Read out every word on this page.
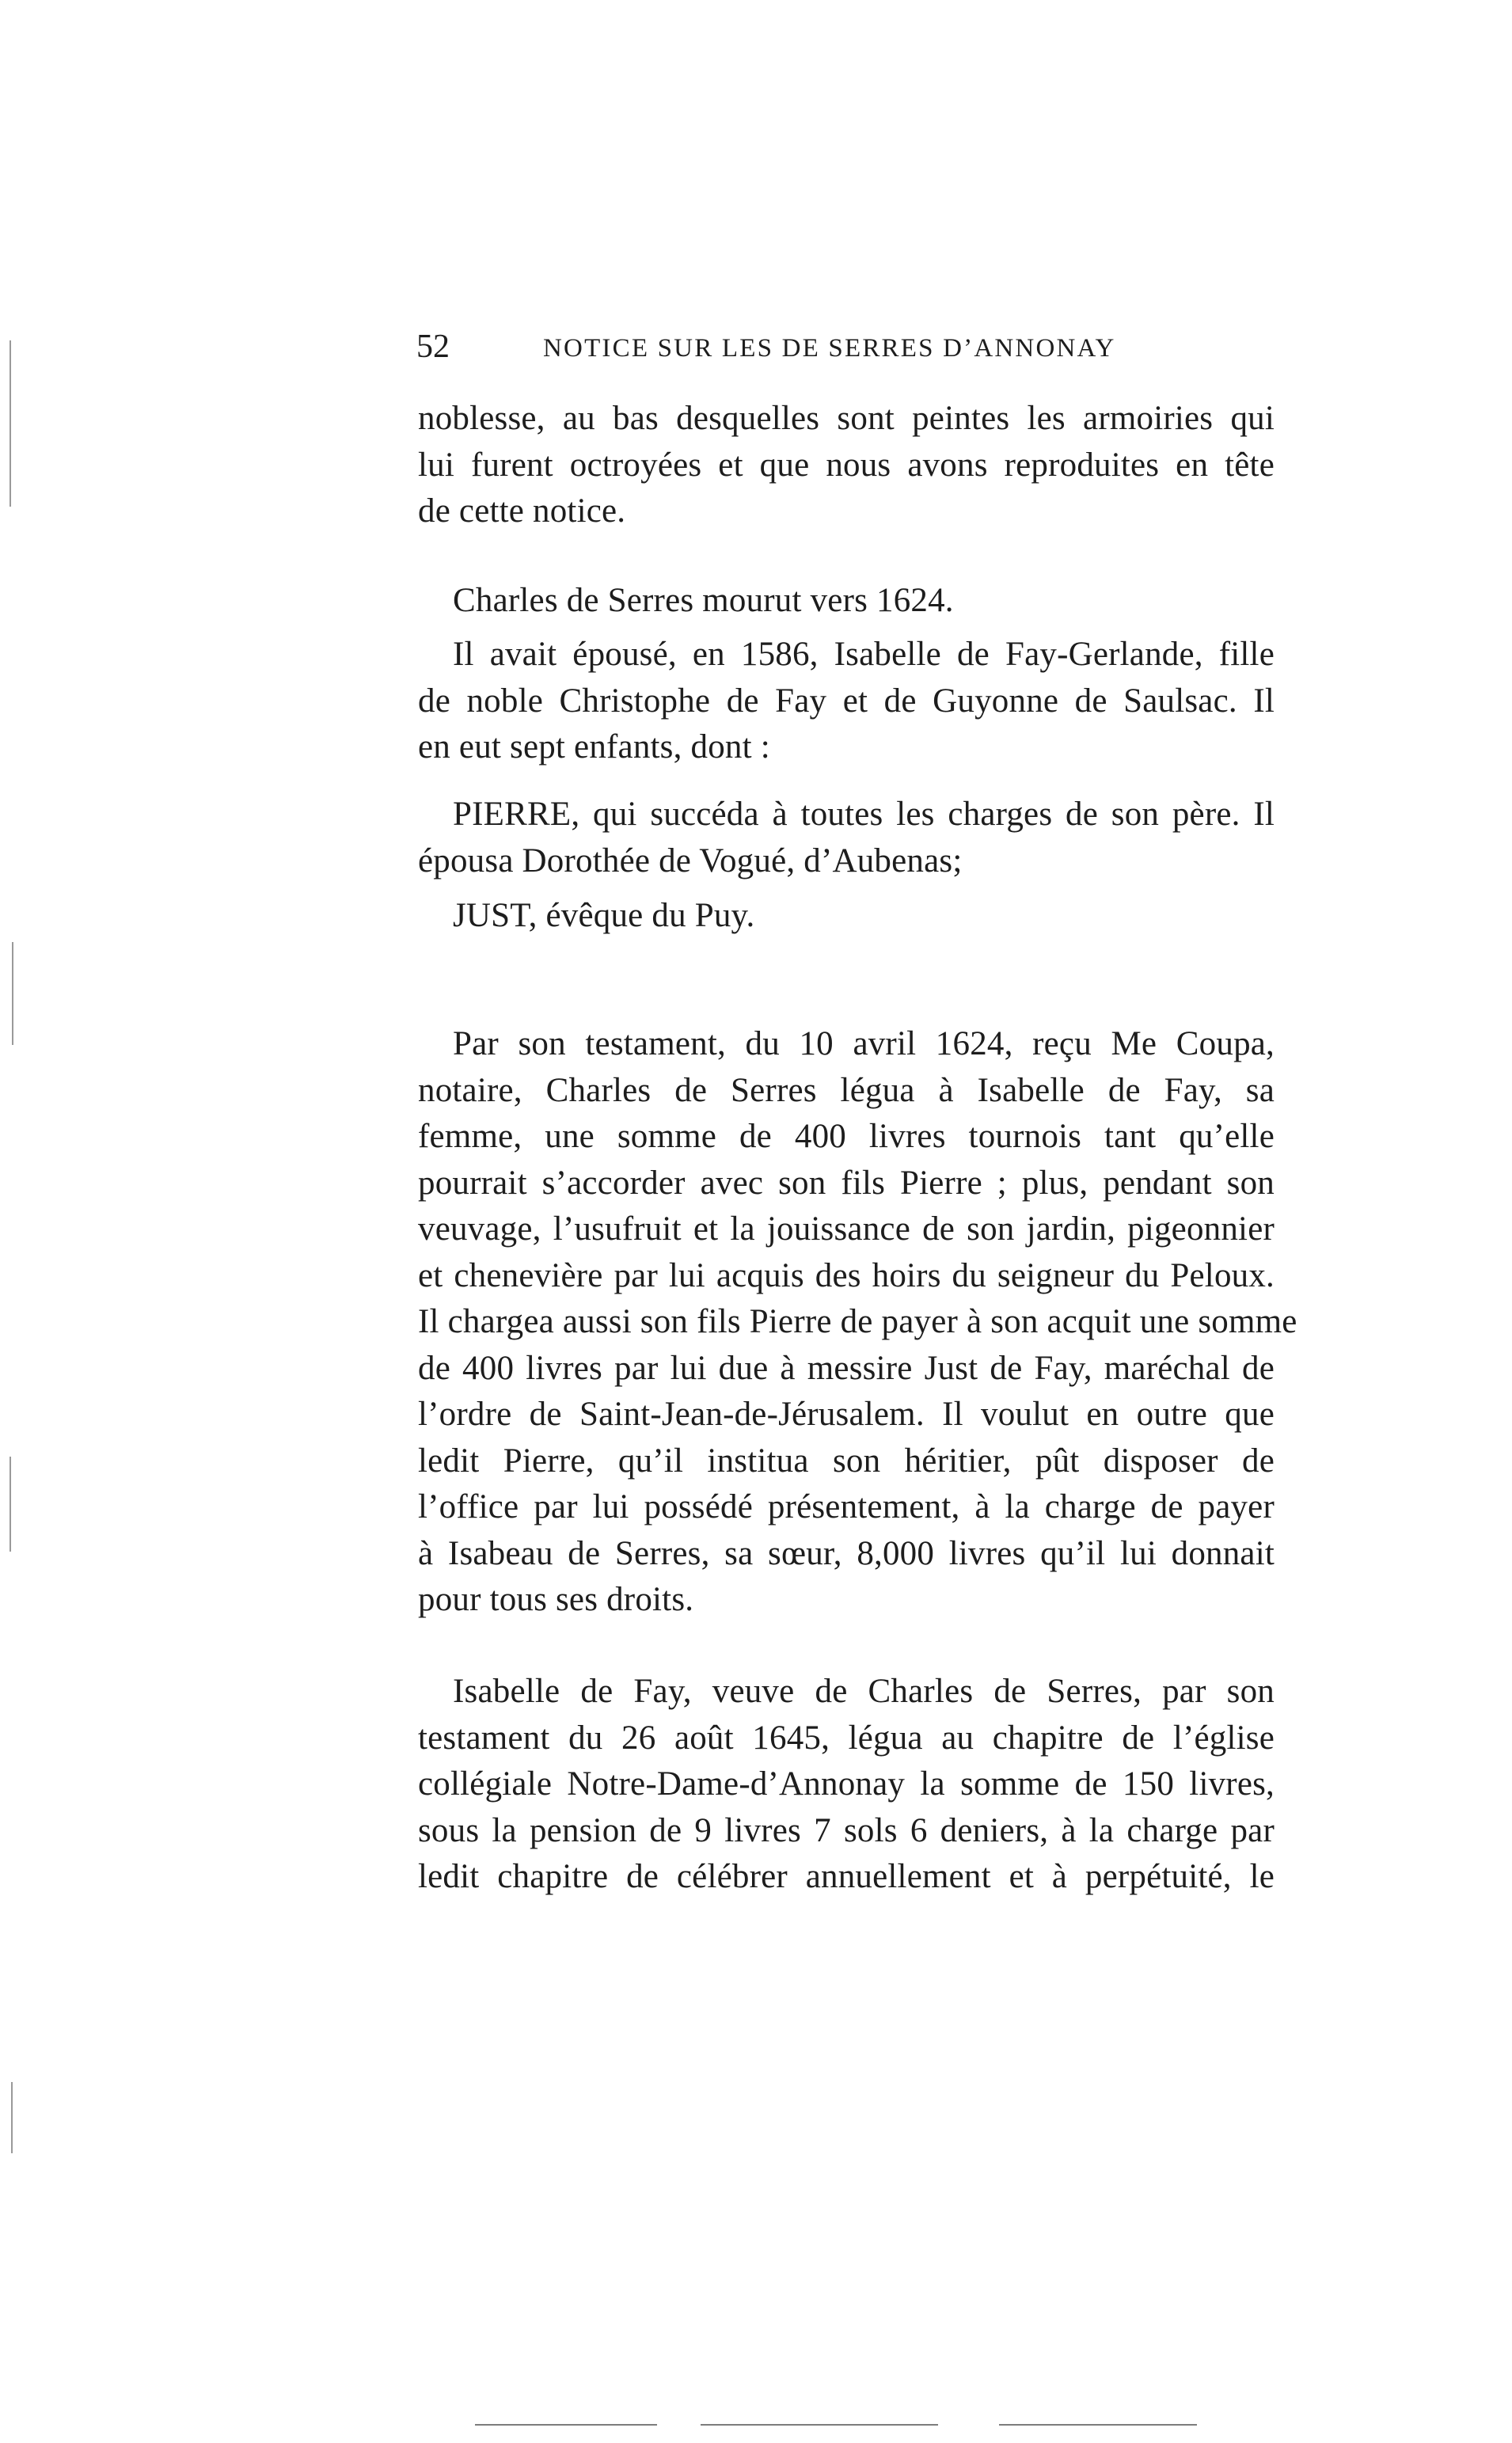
52	NOTICE SUR LES DE SERRES D’ANNONAY
noblesse, au bas desquelles sont peintes les armoiries qui
lui furent octroyées et que nous avons reproduites en tête
de cette notice.
Charles de Serres mourut vers 1624.
Il avait épousé, en 1586, Isabelle de Fay-Gerlande, fille
de noble Christophe de Fay et de Guyonne de Saulsac. Il
en eut sept enfants, dont :
PIERRE, qui succéda à toutes les charges de son père. Il
épousa Dorothée de Vogué, d’Aubenas;
JUST, évêque du Puy.
Par son testament, du 10 avril 1624, reçu Me Coupa,
notaire, Charles de Serres légua à Isabelle de Fay, sa
femme, une somme de 400 livres tournois tant qu’elle
pourrait s’accorder avec son fils Pierre ; plus, pendant son
veuvage, l’usufruit et la jouissance de son jardin, pigeonnier
et chenevière par lui acquis des hoirs du seigneur du Peloux.
Il chargea aussi son fils Pierre de payer à son acquit une somme
de 400 livres par lui due à messire Just de Fay, maréchal de
l’ordre de Saint-Jean-de-Jérusalem. Il voulut en outre que
ledit Pierre, qu’il institua son héritier, pût disposer de
l’office par lui possédé présentement, à la charge de payer
à Isabeau de Serres, sa sœur, 8,000 livres qu’il lui donnait
pour tous ses droits.
Isabelle de Fay, veuve de Charles de Serres, par son
testament du 26 août 1645, légua au chapitre de l’église
collégiale Notre-Dame-d’Annonay la somme de 150 livres,
sous la pension de 9 livres 7 sols 6 deniers, à la charge par
ledit chapitre de célébrer annuellement et à perpétuité, le
